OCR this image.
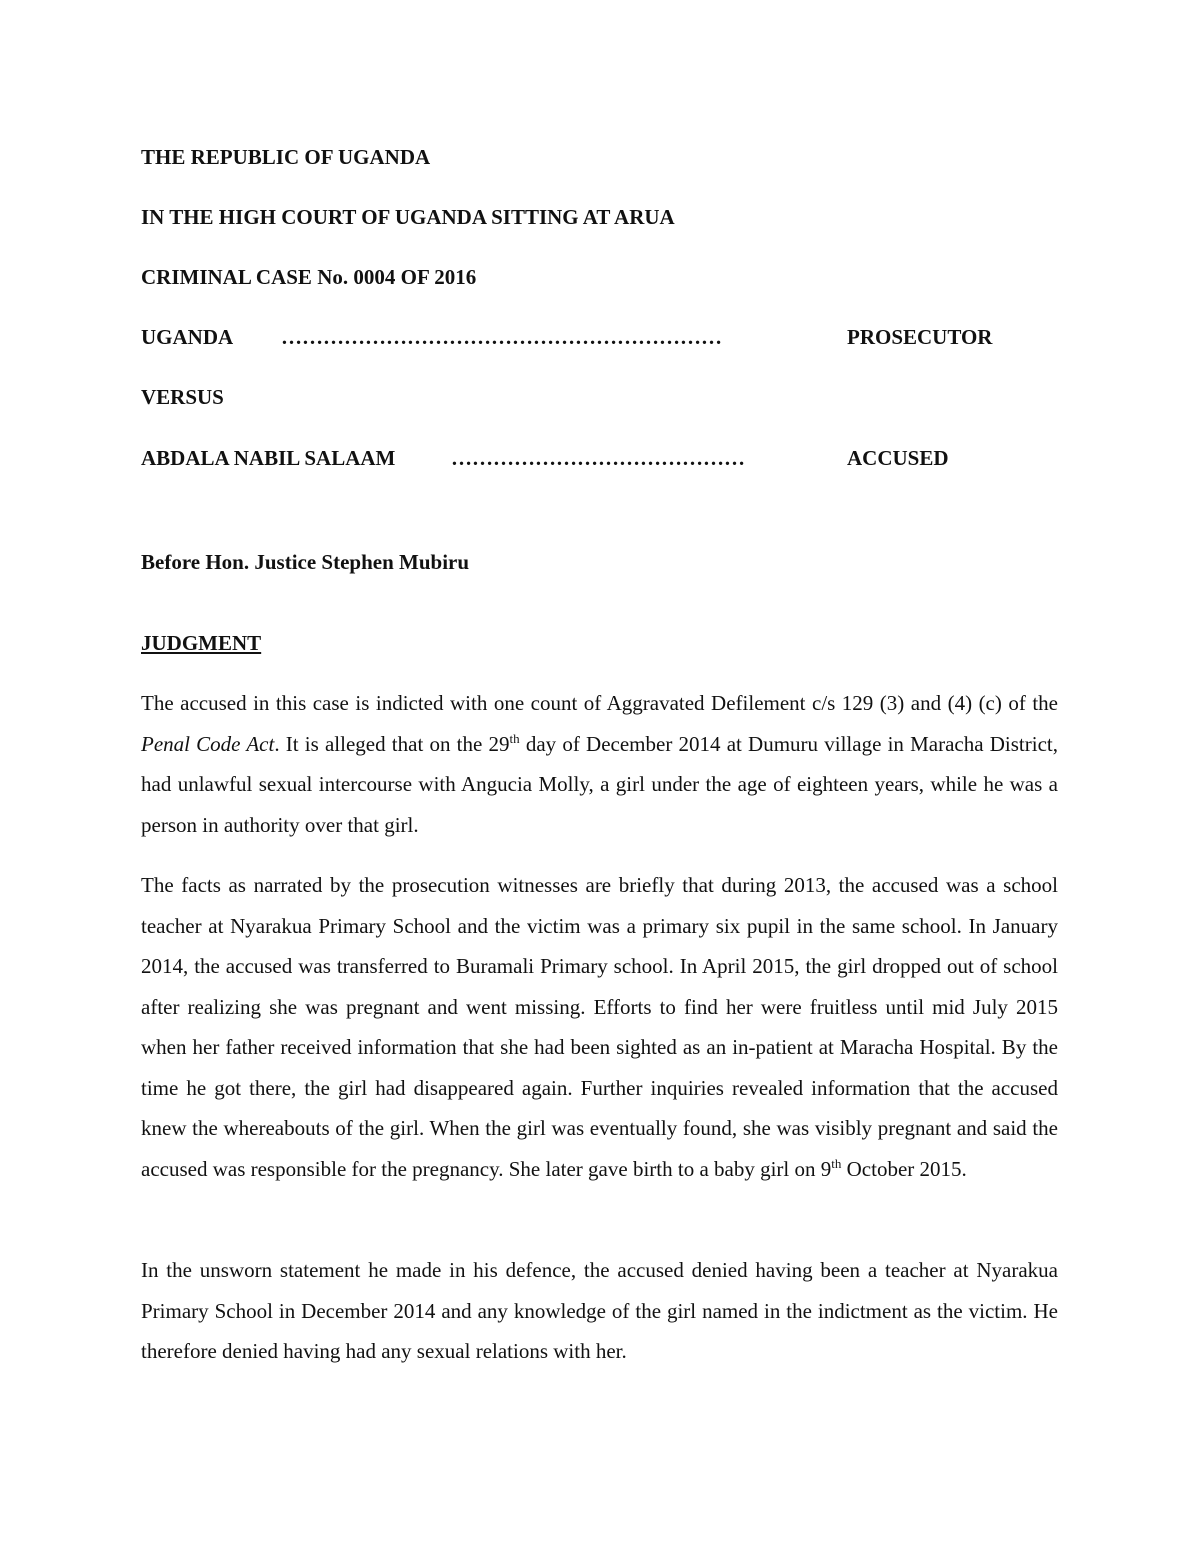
THE REPUBLIC OF UGANDA
IN THE HIGH COURT OF UGANDA SITTING AT ARUA
CRIMINAL CASE No. 0004 OF 2016
UGANDA ………………………………………………………	PROSECUTOR
VERSUS
ABDALA NABIL SALAAM	……………………………………	ACCUSED
Before Hon. Justice Stephen Mubiru
JUDGMENT

The accused in this case is indicted with one count of Aggravated Defilement c/s 129 (3) and (4) (c) of the Penal Code Act. It is alleged that on the 29th day of December 2014 at Dumuru village in Maracha District, had unlawful sexual intercourse with Angucia Molly, a girl under the age of eighteen years, while he was a person in authority over that girl.

The facts as narrated by the prosecution witnesses are briefly that during 2013, the accused was a school teacher at Nyarakua Primary School and the victim was a primary six pupil in the same school. In January 2014, the accused was transferred to Buramali Primary school. In April 2015, the girl dropped out of school after realizing she was pregnant and went missing. Efforts to find her were fruitless until mid July 2015 when her father received information that she had been sighted as an in-patient at Maracha Hospital. By the time he got there, the girl had disappeared again. Further inquiries revealed information that the accused knew the whereabouts of the girl. When the girl was eventually found, she was visibly pregnant and said the accused was responsible for the pregnancy. She later gave birth to a baby girl on 9th October 2015.

In the unsworn statement he made in his defence, the accused denied having been a teacher at Nyarakua Primary School in December 2014 and any knowledge of the girl named in the indictment as the victim. He therefore denied having had any sexual relations with her.
